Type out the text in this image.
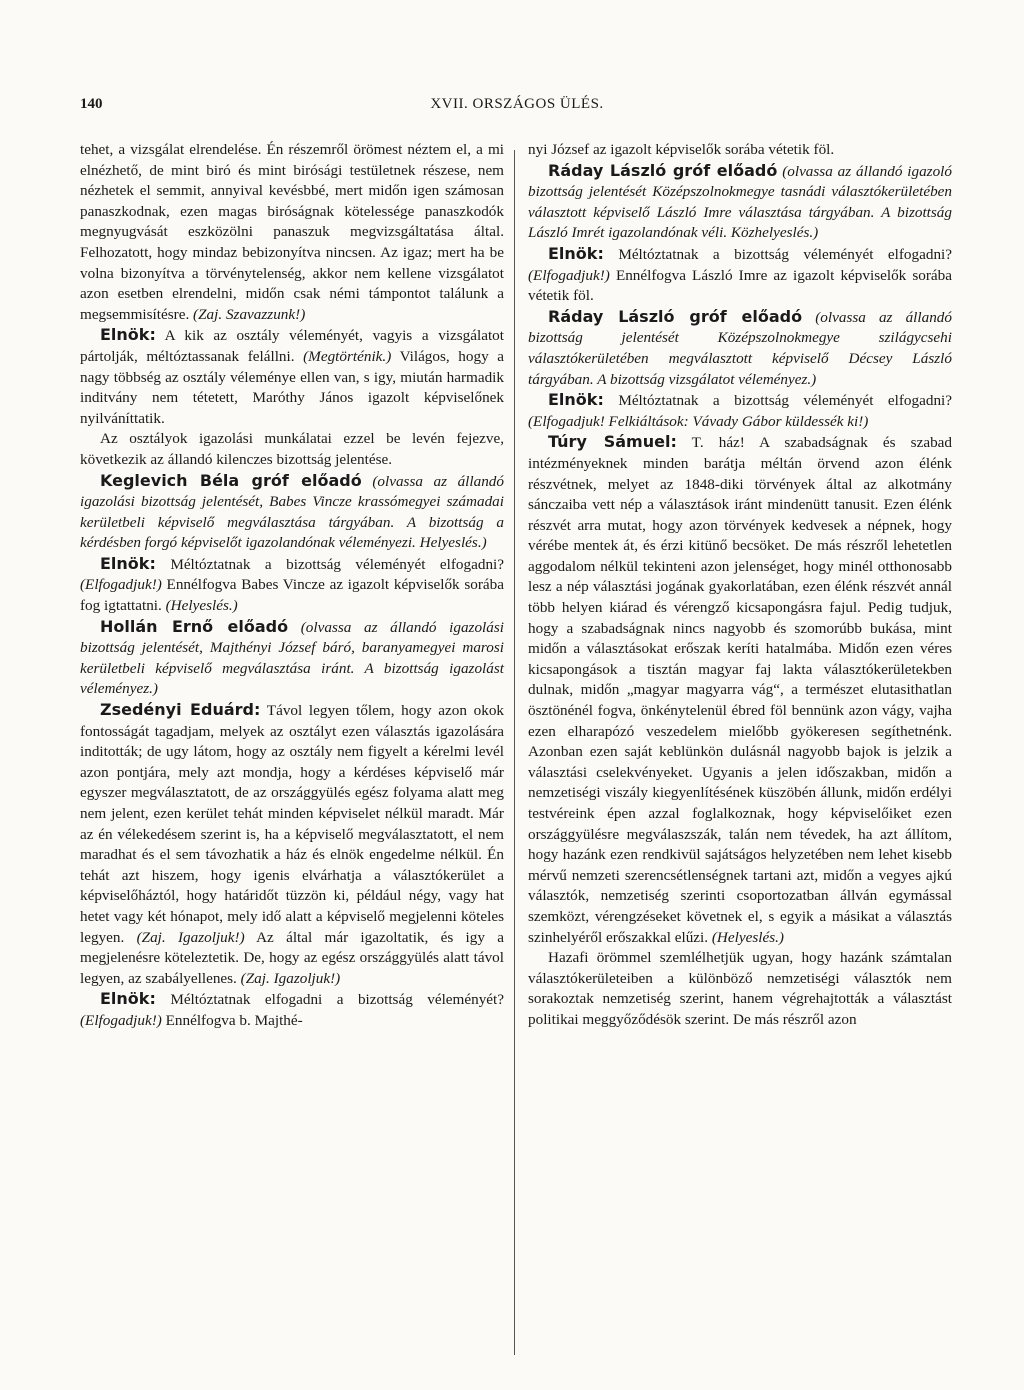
140	XVII. ORSZÁGOS ÜLÉS.

tehet, a vizsgálat elrendelése. Én részemről örömest néztem el, a mi elnézhető, de mint biró és mint birósági testületnek részese, nem nézhetek el semmit, annyival kevésbbé, mert midőn igen számosan panaszkodnak, ezen magas biróságnak kötelessége panaszkodók megnyugvását eszközölni panaszuk megvizsgáltatása által. Felhozatott, hogy mindaz bebizonyítva nincsen. Az igaz; mert ha be volna bizonyítva a törvénytelenség, akkor nem kellene vizsgálatot azon esetben elrendelni, midőn csak némi támpontot találunk a megsemmisítésre. (Zaj. Szavazzunk!)

Elnök: A kik az osztály véleményét, vagyis a vizsgálatot pártolják, méltóztassanak felállni. (Megtörténik.) Világos, hogy a nagy többség az osztály véleménye ellen van, s igy, miután harmadik inditvány nem tétetett, Maróthy János igazolt képviselőnek nyilváníttatik.

Az osztályok igazolási munkálatai ezzel be levén fejezve, következik az állandó kilenczes bizottság jelentése.

Keglevich Béla gróf előadó (olvassa az állandó igazolási bizottság jelentését, Babes Vincze krassómegyei számadai kerületbeli képviselő megválasztása tárgyában. A bizottság a kérdésben forgó képviselőt igazolandónak véleményezi. Helyeslés.)

Elnök: Méltóztatnak a bizottság véleményét elfogadni? (Elfogadjuk!) Ennélfogva Babes Vincze az igazolt képviselők sorába fog igtattatni. (Helyeslés.)

Hollán Ernő előadó (olvassa az állandó igazolási bizottság jelentését, Majthényi József báró, baranyamegyei marosi kerületbeli képviselő megválasztása iránt. A bizottság igazolást véleményez.)

Zsedényi Eduárd: Távol legyen tőlem, hogy azon okok fontosságát tagadjam, melyek az osztályt ezen választás igazolására inditották; de ugy látom, hogy az osztály nem figyelt a kérelmi levél azon pontjára, mely azt mondja, hogy a kérdéses képviselő már egyszer megválasztatott, de az országgyülés egész folyama alatt meg nem jelent, ezen kerület tehát minden képviselet nélkül maradt. Már az én vélekedésem szerint is, ha a képviselő megválasztatott, el nem maradhat és el sem távozhatik a ház és elnök engedelme nélkül. Én tehát azt hiszem, hogy igenis elvárhatja a választókerület a képviselőháztól, hogy határidőt tüzzön ki, például négy, vagy hat hetet vagy két hónapot, mely idő alatt a képviselő megjelenni köteles legyen. (Zaj. Igazoljuk!) Az által már igazoltatik, és igy a megjelenésre köteleztetik. De, hogy az egész országgyülés alatt távol legyen, az szabályellenes. (Zaj. Igazoljuk!)

Elnök: Méltóztatnak elfogadni a bizottság véleményét? (Elfogadjuk!) Ennélfogva b. Majthé-

nyi József az igazolt képviselők sorába vétetik föl.

Ráday László gróf előadó (olvassa az állandó igazoló bizottság jelentését Középszolnokmegye tasnádi választókerületében választott képviselő László Imre választása tárgyában. A bizottság László Imrét igazolandónak véli. Közhelyeslés.)

Elnök: Méltóztatnak a bizottság véleményét elfogadni? (Elfogadjuk!) Ennélfogva László Imre az igazolt képviselők sorába vétetik föl.

Ráday László gróf előadó (olvassa az állandó bizottság jelentését Középszolnokmegye szilágycsehi választókerületében megválasztott képviselő Décsey László tárgyában. A bizottság vizsgálatot véleményez.)

Elnök: Méltóztatnak a bizottság véleményét elfogadni? (Elfogadjuk! Felkiáltások: Vávady Gábor küldessék ki!)

Túry Sámuel: T. ház! A szabadságnak és szabad intézményeknek minden barátja méltán örvend azon élénk részvétnek, melyet az 1848-diki törvények által az alkotmány sánczaiba vett nép a választások iránt mindenütt tanusit. Ezen élénk részvét arra mutat, hogy azon törvények kedvesek a népnek, hogy vérébe mentek át, és érzi kitünő becsöket. De más részről lehetetlen aggodalom nélkül tekinteni azon jelenséget, hogy minél otthonosabb lesz a nép választási jogának gyakorlatában, ezen élénk részvét annál több helyen kiárad és vérengző kicsapongásra fajul. Pedig tudjuk, hogy a szabadságnak nincs nagyobb és szomorúbb bukása, mint midőn a választásokat erőszak keríti hatalmába. Midőn ezen véres kicsapongások a tisztán magyar faj lakta választókerületekben dulnak, midőn „magyar magyarra vág“, a természet elutasithatlan ösztönénél fogva, önkénytelenül ébred föl bennünk azon vágy, vajha ezen elharapózó veszedelem mielőbb gyökeresen segíthetnénk. Azonban ezen saját keblünkön dulásnál nagyobb bajok is jelzik a választási cselekvényeket. Ugyanis a jelen időszakban, midőn a nemzetiségi viszály kiegyenlítésének küszöbén állunk, midőn erdélyi testvéreink épen azzal foglalkoznak, hogy képviselőiket ezen országgyülésre megválaszszák, talán nem tévedek, ha azt állítom, hogy hazánk ezen rendkivül sajátságos helyzetében nem lehet kisebb mérvű nemzeti szerencsétlenségnek tartani azt, midőn a vegyes ajkú választók, nemzetiség szerinti csoportozatban állván egymással szemközt, vérengzéseket követnek el, s egyik a másikat a választás szinhelyéről erőszakkal elűzi. (Helyeslés.)

Hazafi örömmel szemlélhetjük ugyan, hogy hazánk számtalan választókerületeiben a különböző nemzetiségi választók nem sorakoztak nemzetiség szerint, hanem végrehajtották a választást politikai meggyőződésök szerint. De más részről azon
